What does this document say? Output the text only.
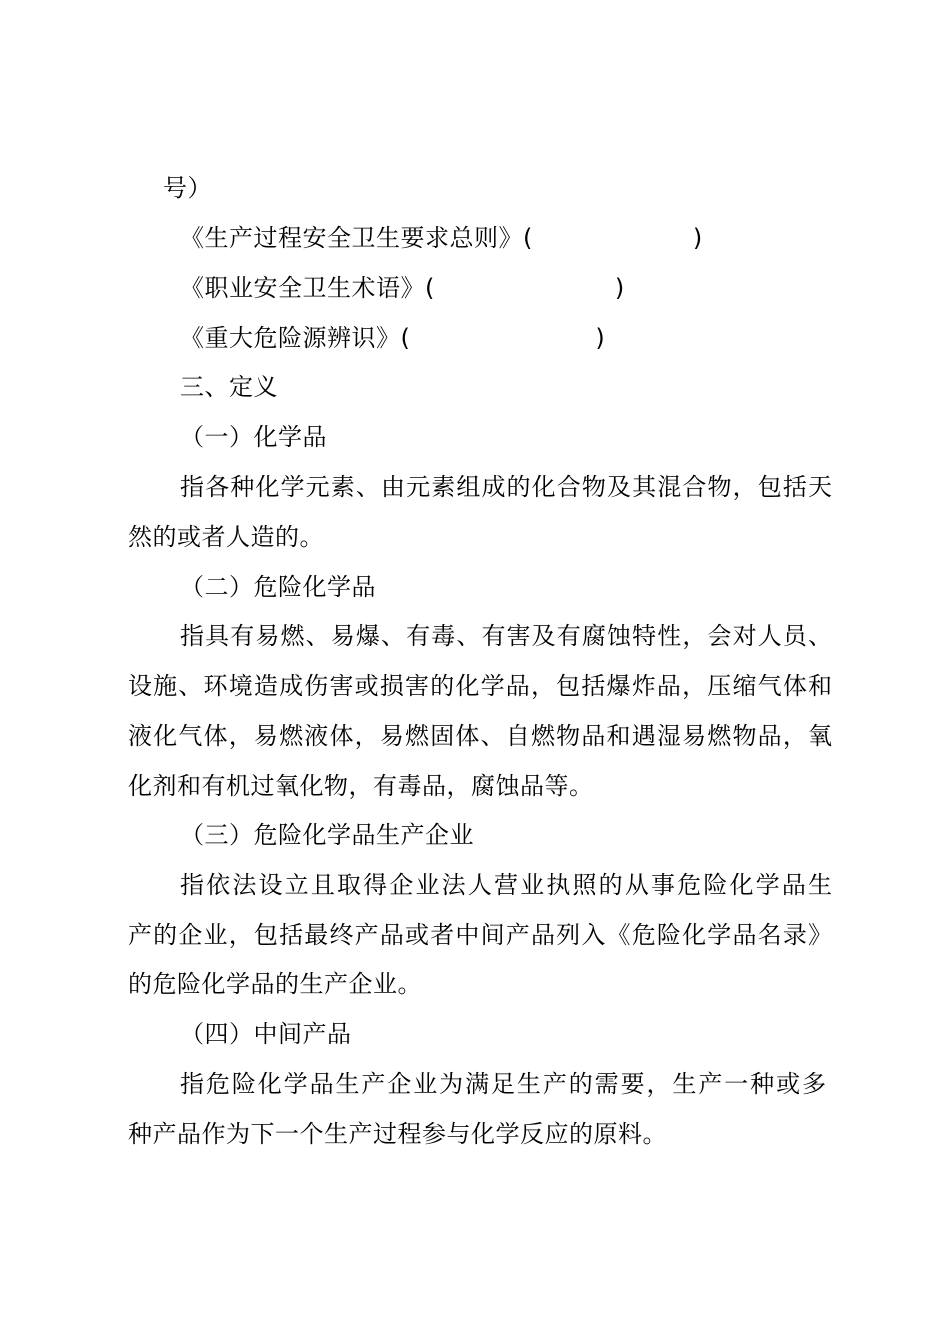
号）
《生产过程安全卫生要求总则》(	)
《职业安全卫生术语》(	)
《重大危险源辨识》(	)
三、定义
（一）化学品
指各种化学元素、由元素组成的化合物及其混合物，包括天
然的或者人造的。
（二）危险化学品
指具有易燃、易爆、有毒、有害及有腐蚀特性，会对人员、
设施、环境造成伤害或损害的化学品，包括爆炸品，压缩气体和
液化气体，易燃液体，易燃固体、自燃物品和遇湿易燃物品，氧
化剂和有机过氧化物，有毒品，腐蚀品等。
（三）危险化学品生产企业
指依法设立且取得企业法人营业执照的从事危险化学品生
产的企业，包括最终产品或者中间产品列入《危险化学品名录》
的危险化学品的生产企业。
（四）中间产品
指危险化学品生产企业为满足生产的需要，生产一种或多
种产品作为下一个生产过程参与化学反应的原料。
